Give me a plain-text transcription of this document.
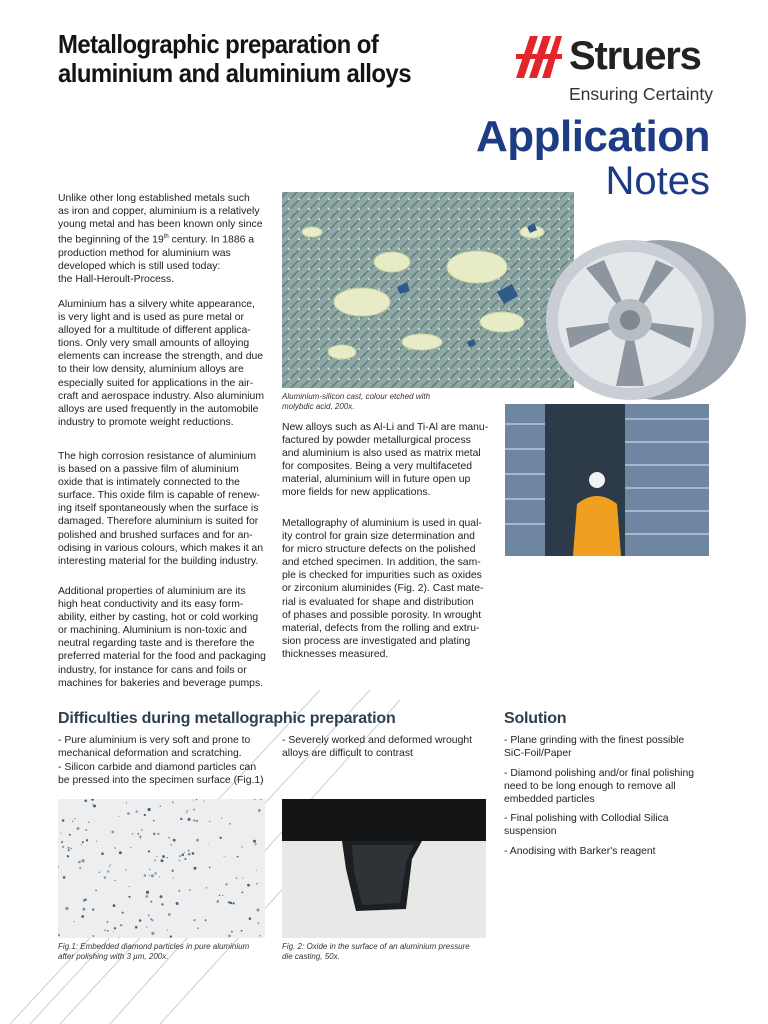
Metallographic preparation of
aluminium and aluminium alloys	Struers
Ensuring Certainty
Application
Notes
Unlike other long established metals such
as iron and copper, aluminium is a relatively
young metal and has been known only since
the beginning of the 19th century. In 1886 a
production method for aluminium was
developed which is still used today:
the Hall-Heroult-Process.
Aluminium has a silvery white appearance,
is very light and is used as pure metal or
alloyed for a multitude of different applica-
tions. Only very small amounts of alloying
elements can increase the strength, and due
to their low density, aluminium alloys are
especially suited for applications in the air-
craft and aerospace industry. Also aluminium
alloys are used frequently in the automobile
industry to promote weight reductions.
The high corrosion resistance of aluminium
is based on a passive film of aluminium
oxide that is intimately connected to the
surface. This oxide film is capable of renew-
ing itself spontaneously when the surface is
damaged. Therefore aluminium is suited for
polished and brushed surfaces and for an-
odising in various colours, which makes it an
interesting material for the building industry.
Additional properties of aluminium are its
high heat conductivity and its easy form-
ability, either by casting, hot or cold working
or machining. Aluminium is non-toxic and
neutral regarding taste and is therefore the
preferred material for the food and packaging
industry, for instance for cans and foils or
machines for bakeries and beverage pumps.
Aluminium-silicon cast, colour etched with
molybdic acid, 200x.
New alloys such as Al-Li and Ti-Al are manu-
factured by powder metallurgical process
and aluminium is also used as matrix metal
for composites. Being a very multifaceted
material, aluminium will in future open up
more fields for new applications.
Metallography of aluminium is used in qual-
ity control for grain size determination and
for micro structure defects on the polished
and etched specimen. In addition, the sam-
ple is checked for impurities such as oxides
or zirconium aluminides (Fig. 2). Cast mate-
rial is evaluated for shape and distribution
of phases and possible porosity. In wrought
material, defects from the rolling and extru-
sion process are investigated and plating
thicknesses measured.
Difficulties during metallographic preparation
- Pure aluminium is very soft and prone to
mechanical deformation and scratching.
- Silicon carbide and diamond particles can
be pressed into the specimen surface (Fig.1)
- Severely worked and deformed wrought
alloys are difficult to contrast
Solution
- Plane grinding with the finest possible
SiC-Foil/Paper
- Diamond polishing and/or final polishing
need to be long enough to remove all
embedded particles
- Final polishing with Collodial Silica
suspension
- Anodising with Barker's reagent
Fig.1: Embedded diamond particles in pure aluminium
after polishing with 3 µm, 200x.
Fig. 2: Oxide in the surface of an aluminium pressure
die casting, 50x.
